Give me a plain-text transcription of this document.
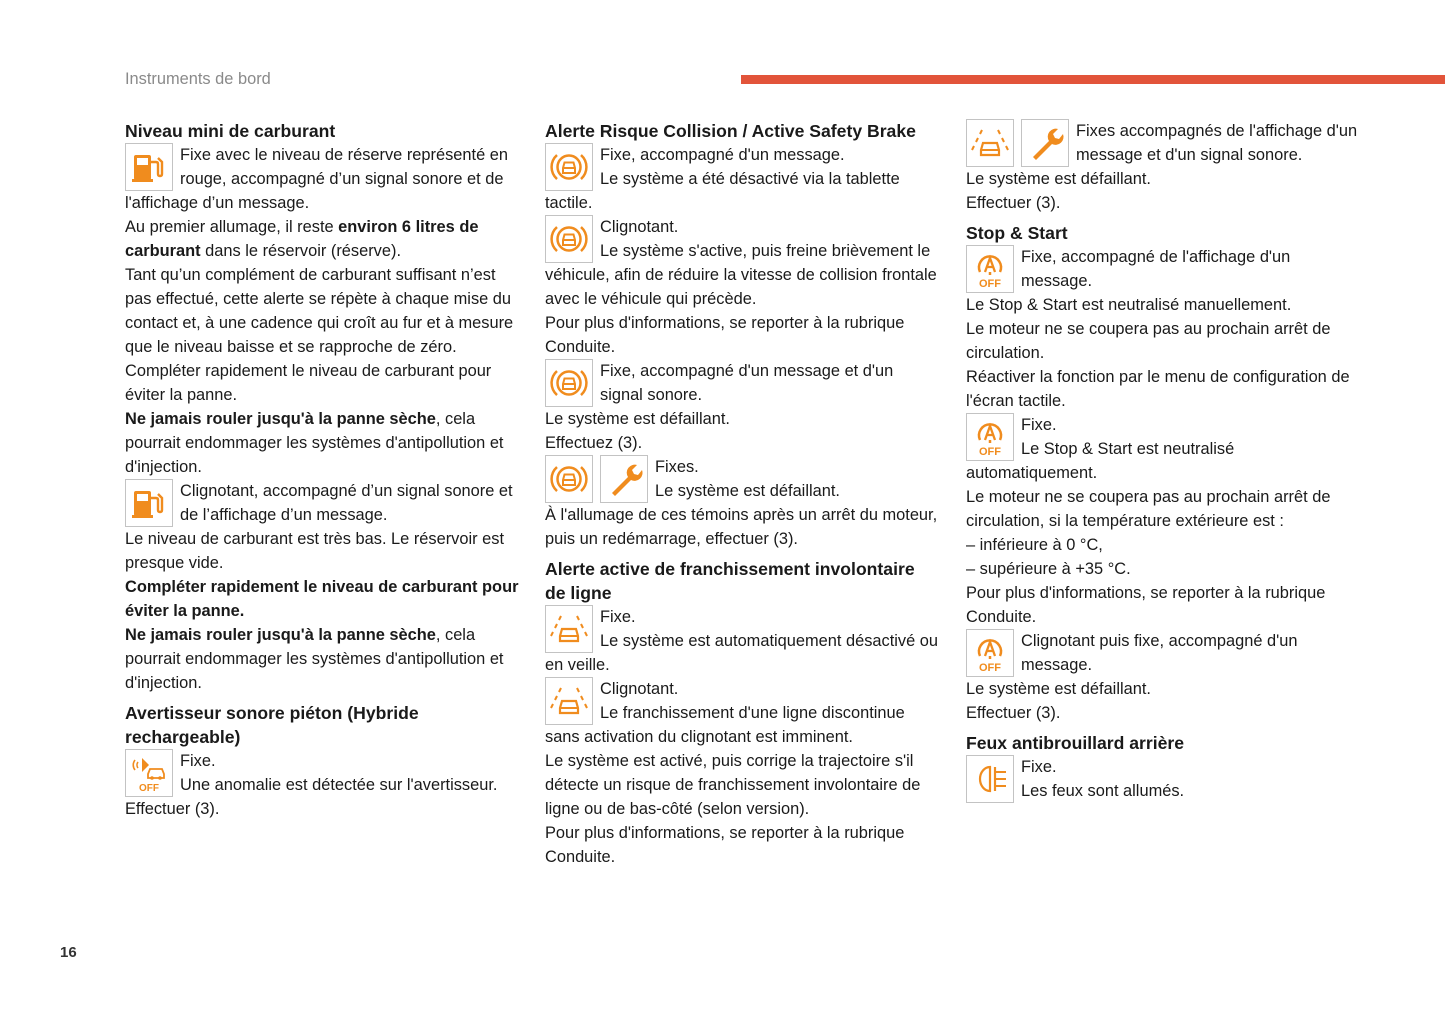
Instruments de bord
16
Niveau mini de carburant

Fixe avec le niveau de réserve représenté en rouge, accompagné d’un signal sonore et de l'affichage d’un message.

Au premier allumage, il reste environ 6 litres de carburant dans le réservoir (réserve).

Tant qu’un complément de carburant suffisant n’est pas effectué, cette alerte se répète à chaque mise du contact et, à une cadence qui croît au fur et à mesure que le niveau baisse et se rapproche de zéro.

Compléter rapidement le niveau de carburant pour éviter la panne.

Ne jamais rouler jusqu'à la panne sèche, cela pourrait endommager les systèmes d'antipollution et d'injection.

Clignotant, accompagné d’un signal sonore et de l’affichage d’un message.

Le niveau de carburant est très bas. Le réservoir est presque vide.

Compléter rapidement le niveau de carburant pour éviter la panne.

Ne jamais rouler jusqu'à la panne sèche, cela pourrait endommager les systèmes d'antipollution et d'injection.

Avertisseur sonore piéton (Hybride rechargeable)
OFF

Fixe.

Une anomalie est détectée sur l'avertisseur.

Effectuer (3).

Alerte Risque Collision / Active Safety Brake

Fixe, accompagné d'un message.

Le système a été désactivé via la tablette tactile.

Clignotant.

Le système s'active, puis freine brièvement le véhicule, afin de réduire la vitesse de collision frontale avec le véhicule qui précède.

Pour plus d'informations, se reporter à la rubrique Conduite.

Fixe, accompagné d'un message et d'un signal sonore.

Le système est défaillant.

Effectuez (3).

Fixes.

Le système est défaillant.

À l'allumage de ces témoins après un arrêt du moteur, puis un redémarrage, effectuer (3).

Alerte active de franchissement involontaire de ligne

Fixe.

Le système est automatiquement désactivé ou en veille.

Clignotant.

Le franchissement d'une ligne discontinue sans activation du clignotant est imminent.

Le système est activé, puis corrige la trajectoire s'il détecte un risque de franchissement involontaire de ligne ou de bas-côté (selon version).

Pour plus d'informations, se reporter à la rubrique Conduite.

Fixes accompagnés de l'affichage d'un message et d'un signal sonore.

Le système est défaillant.

Effectuer (3).

Stop & Start
OFF

Fixe, accompagné de l'affichage d'un message.

Le Stop & Start est neutralisé manuellement.

Le moteur ne se coupera pas au prochain arrêt de circulation.

Réactiver la fonction par le menu de configuration de l'écran tactile.

OFF

Fixe.

Le Stop & Start est neutralisé automatiquement.

Le moteur ne se coupera pas au prochain arrêt de circulation, si la température extérieure est :

– inférieure à 0 °C,

– supérieure à +35 °C.

Pour plus d'informations, se reporter à la rubrique Conduite.

OFF

Clignotant puis fixe, accompagné d'un message.

Le système est défaillant.

Effectuer (3).

Feux antibrouillard arrière

Fixe.

Les feux sont allumés.
